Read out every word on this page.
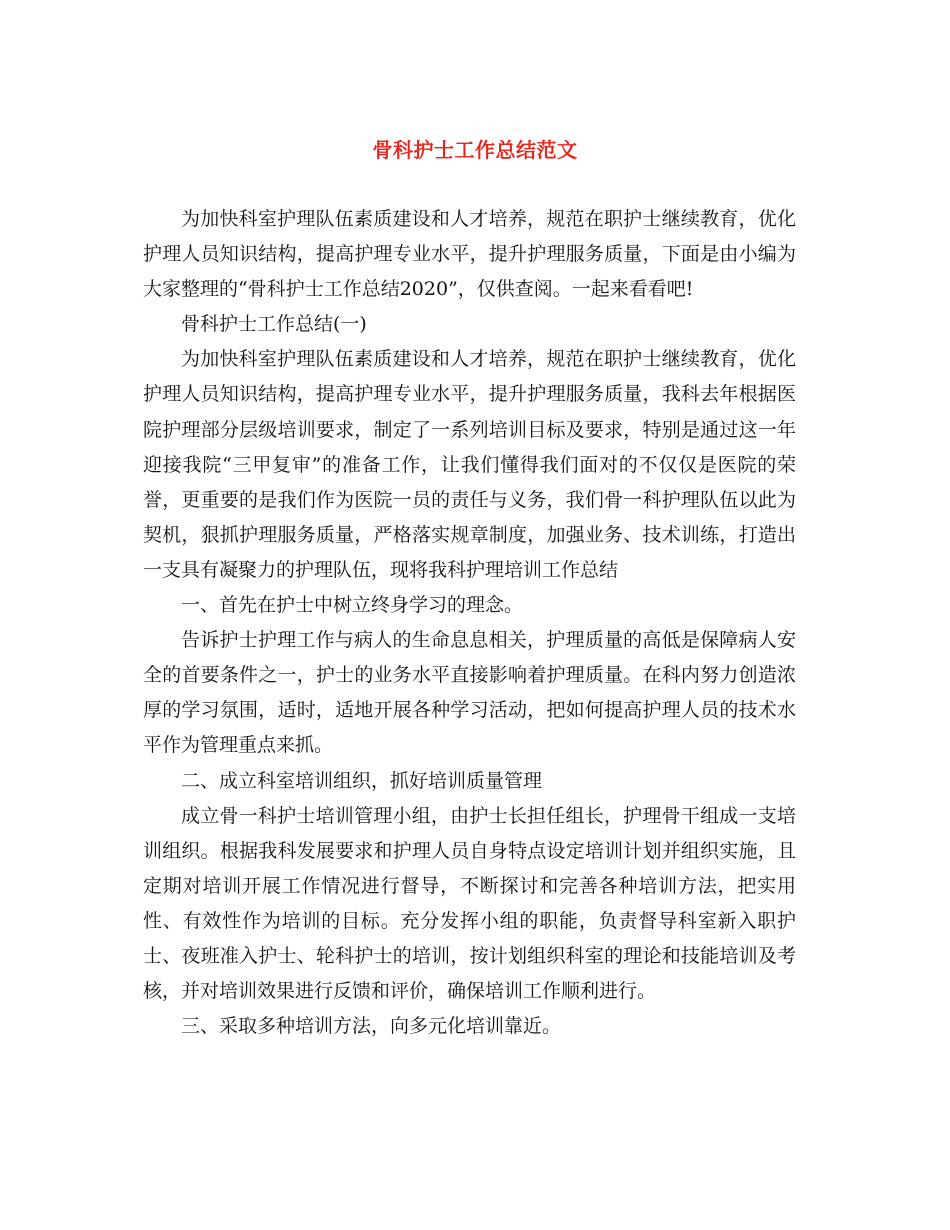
骨科护士工作总结范文

为加快科室护理队伍素质建设和人才培养，规范在职护士继续教育，优化护理人员知识结构，提高护理专业水平，提升护理服务质量，下面是由小编为大家整理的“骨科护士工作总结2020”，仅供查阅。一起来看看吧!

骨科护士工作总结(一)

为加快科室护理队伍素质建设和人才培养，规范在职护士继续教育，优化护理人员知识结构，提高护理专业水平，提升护理服务质量，我科去年根据医院护理部分层级培训要求，制定了一系列培训目标及要求，特别是通过这一年迎接我院“三甲复审”的准备工作，让我们懂得我们面对的不仅仅是医院的荣誉，更重要的是我们作为医院一员的责任与义务，我们骨一科护理队伍以此为契机，狠抓护理服务质量，严格落实规章制度，加强业务、技术训练，打造出一支具有凝聚力的护理队伍，现将我科护理培训工作总结

一、首先在护士中树立终身学习的理念。

告诉护士护理工作与病人的生命息息相关，护理质量的高低是保障病人安全的首要条件之一，护士的业务水平直接影响着护理质量。在科内努力创造浓厚的学习氛围，适时，适地开展各种学习活动，把如何提高护理人员的技术水平作为管理重点来抓。

二、成立科室培训组织，抓好培训质量管理

成立骨一科护士培训管理小组，由护士长担任组长，护理骨干组成一支培训组织。根据我科发展要求和护理人员自身特点设定培训计划并组织实施，且定期对培训开展工作情况进行督导，不断探讨和完善各种培训方法，把实用性、有效性作为培训的目标。充分发挥小组的职能，负责督导科室新入职护士、夜班准入护士、轮科护士的培训，按计划组织科室的理论和技能培训及考核，并对培训效果进行反馈和评价，确保培训工作顺利进行。

三、采取多种培训方法，向多元化培训靠近。
